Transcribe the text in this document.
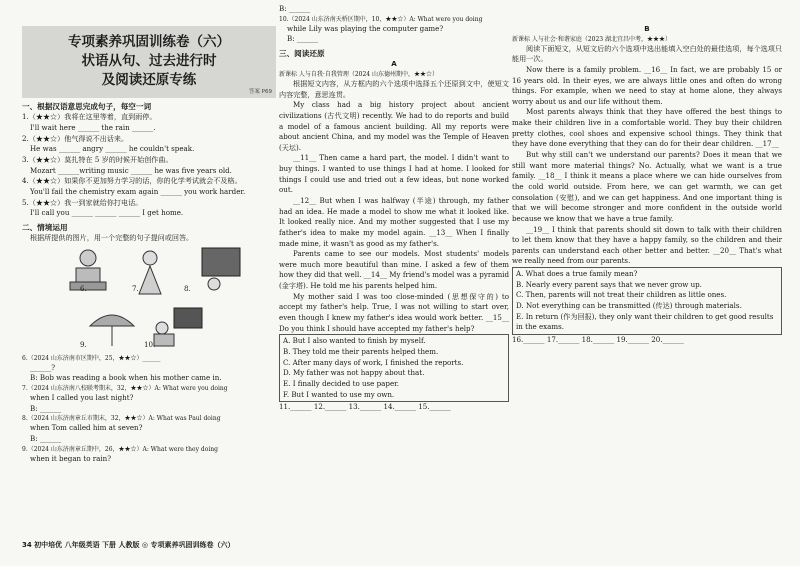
专项素养巩固训练卷（六）
状语从句、过去进行时
及阅读还原专练
答案 P69
一、根据汉语意思完成句子，每空一词
1.（★★☆）我将在这里等着，直到雨停。
I'll wait here ______ the rain ______.
2.（★★☆）他气得说不出话来。
He was ______ angry ______ he couldn't speak.
3.（★★☆）莫扎特在 5 岁的时候开始创作曲。
Mozart ______writing music ______ he was five years old.
4.（★★☆）如果你不更加努力学习的话，你的化学考试就会不及格。
You'll fail the chemistry exam again ______ you work harder.
5.（★★☆）我一到家就给你打电话。
I'll call you ______ ______ ______ I get home.
二、情境运用
根据所提供的图片，用一个完整的句子提问或回答。
6.	7.	8.
9.	10.
6.（2024 山东济南市区期中，25，★★☆）______
______?
B: Bob was reading a book when his mother came in.
7.（2024 山东济南八校联考期末，32，★★☆）A: What were you doing
when I called you last night?
B: ______
8.（2024 山东济南章丘市期末，32，★★☆）A: What was Paul doing
when Tom called him at seven?
B: ______
9.（2024 山东济南章丘期中，26，★★☆）A: What were they doing
when it began to rain?
B: ______
10.（2024 山东济南天桥区期中，10，★★☆）A: What were you doing
while Lily was playing the computer game?
B: ______
三、阅读还原
A
新课标 人与自我·自我管理（2024 山东德州期中，★★☆）

根据短文内容，从方框内的六个选项中选择五个还原到文中，使短文内容完整，意思连贯。

My class had a big history project about ancient civilizations (古代文明) recently. We had to do reports and build a model of a famous ancient building. All my reports were about ancient China, and my model was the Temple of Heaven (天坛).

__11__ Then came a hard part, the model. I didn't want to buy things. I wanted to use things I had at home. I looked for things I could use and tried out a few ideas, but none worked out.

__12__ But when I was halfway (半途) through, my father had an idea. He made a model to show me what it looked like. It looked really nice. And my mother suggested that I use my father's idea to make my model again. __13__ When I finally made mine, it wasn't as good as my father's.

Parents came to see our models. Most students' models were much more beautiful than mine. I asked a few of them how they did that well. __14__ My friend's model was a pyramid (金字塔). He told me his parents helped him.

My mother said I was too close-minded (思想保守的) to accept my father's help. True, I was not willing to start over, even though I knew my father's idea would work better. __15__ Do you think I should have accepted my father's help?

A. But I also wanted to finish by myself.
B. They told me their parents helped them.
C. After many days of work, I finished the reports.
D. My father was not happy about that.
E. I finally decided to use paper.
F. But I wanted to use my own.
11.______ 12.______ 13.______ 14.______ 15.______
B
新课标 人与社会·和谐家庭（2023 湖北宜昌中考，★★★）

阅读下面短文，从短文后的六个选项中选出能填入空白处的最佳选项，每个选项只能用一次。

Now there is a family problem. __16__ In fact, we are probably 15 or 16 years old. In their eyes, we are always little ones and often do wrong things. For example, when we need to stay at home alone, they always worry about us and our life without them.

Most parents always think that they have offered the best things to make their children live in a comfortable world. They buy their children pretty clothes, cool shoes and expensive school things. They think that they have done everything that they can do for their dear children. __17__

But why still can't we understand our parents? Does it mean that we still want more material things? No. Actually, what we want is a true family. __18__ I think it means a place where we can hide ourselves from the cold world outside. From here, we can get warmth, we can get consolation (安慰), and we can get happiness. And one important thing is that we will become stronger and more confident in the outside world because we know that we have a true family.

__19__ I think that parents should sit down to talk with their children to let them know that they have a happy family, so the children and their parents can understand each other better and better. __20__ That's what we really need from our parents.

A. What does a true family mean?
B. Nearly every parent says that we never grow up.
C. Then, parents will not treat their children as little ones.
D. Not everything can be transmitted (传达) through materials.
E. In return (作为回报), they only want their children to get good results in the exams.
16.______ 17.______ 18.______ 19.______ 20.______
34 初中培优 八年级英语 下册 人教版 ◎ 专项素养巩固训练卷（六）
